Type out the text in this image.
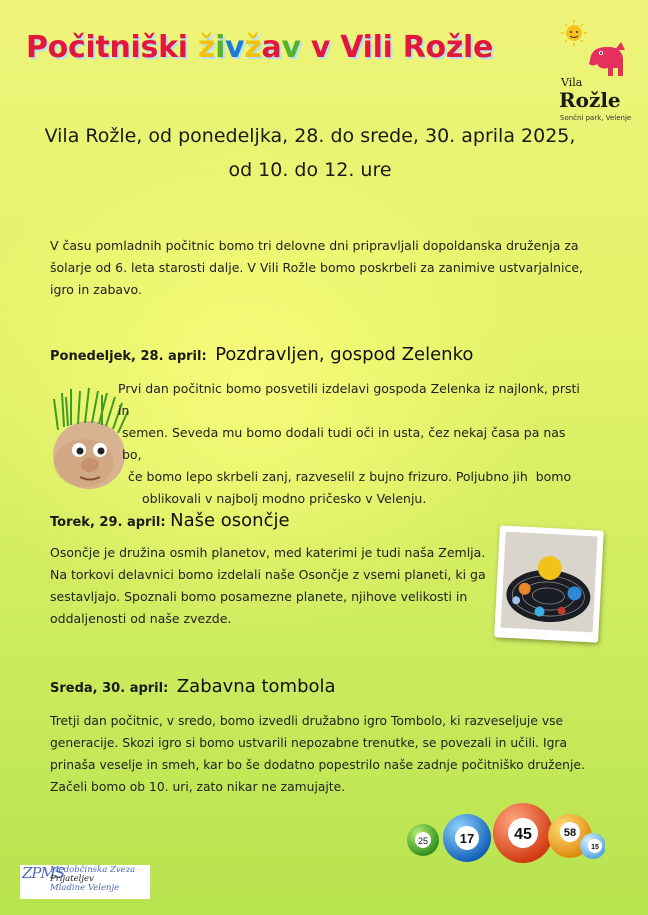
Počitniški živžav v Vili Rožle
Vila
Rožle
Sončni park, Velenje
Vila Rožle, od ponedeljka, 28. do srede, 30. aprila 2025,
od 10. do 12. ure
V času pomladnih počitnic bomo tri delovne dni pripravljali dopoldanska druženja za šolarje od 6. leta starosti dalje. V Vili Rožle bomo poskrbeli za zanimive ustvarjalnice, igro in zabavo.
Ponedeljek, 28. april: Pozdravljen, gospod Zelenko
Prvi dan počitnic bomo posvetili izdelavi gospoda Zelenka iz najlonk, prsti in
semen. Seveda mu bomo dodali tudi oči in usta, čez nekaj časa pa nas bo,
če bomo lepo skrbeli zanj, razveselil z bujno frizuro. Poljubno jih  bomo
oblikovali v najbolj modno pričesko v Velenju.
Torek, 29. april: Naše osončje
Osončje je družina osmih planetov, med katerimi je tudi naša Zemlja.
Na torkovi delavnici bomo izdelali naše Osončje z vsemi planeti, ki ga
sestavljajo. Spoznali bomo posamezne planete, njihove velikosti in
oddaljenosti od naše zvezde.
Sreda, 30. april: Zabavna tombola
Tretji dan počitnic, v sredo, bomo izvedli družabno igro Tombolo, ki razveseljuje vse
generacije. Skozi igro si bomo ustvarili nepozabne trenutke, se povezali in učili. Igra
prinaša veselje in smeh, kar bo še dodatno popestrilo naše zadnje počitniško druženje.
Začeli bomo ob 10. uri, zato nikar ne zamujajte.
25 17 45	58
15
ZPMS
Medobčinska Zveza
Prijateljev
Mladine Velenje
